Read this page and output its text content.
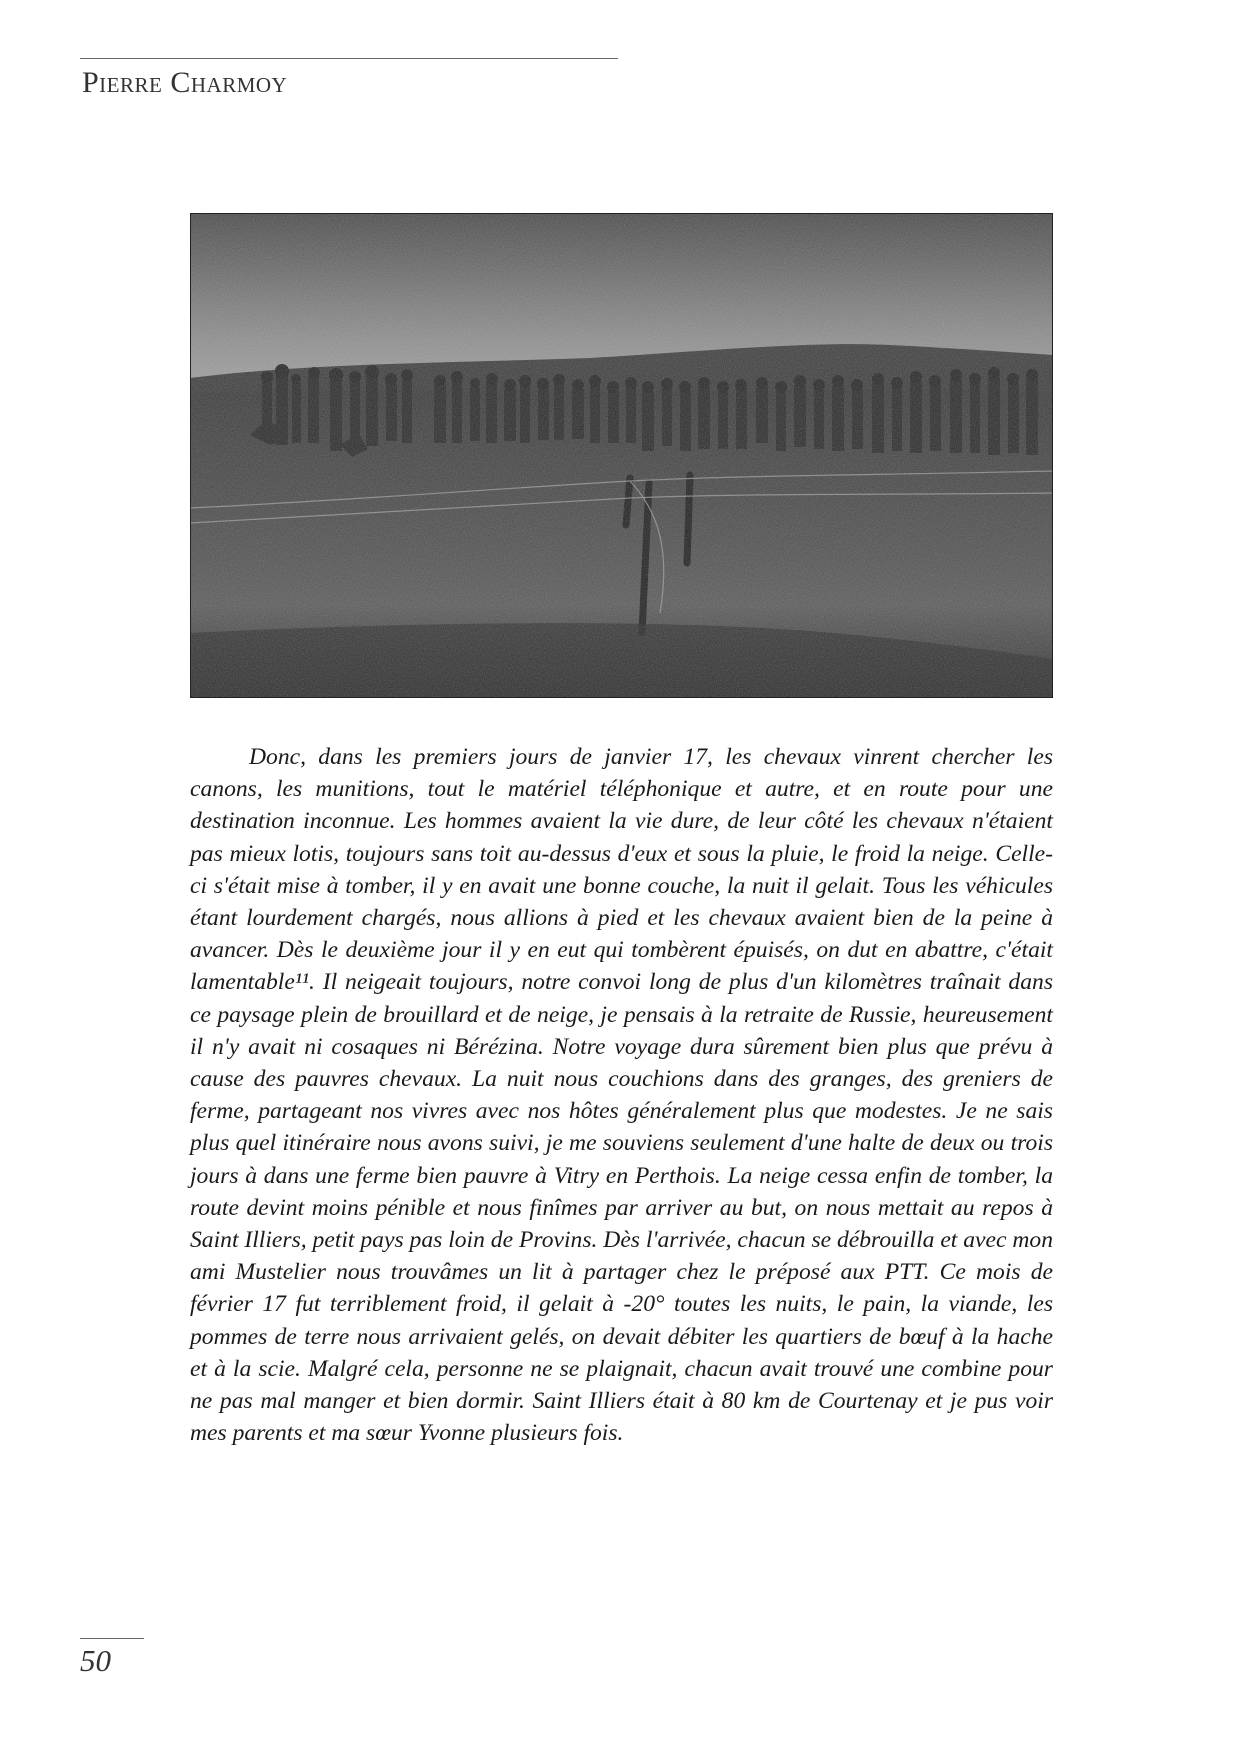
Pierre Charmoy

Donc, dans les premiers jours de janvier 17, les chevaux vinrent chercher les canons, les munitions, tout le matériel téléphonique et autre, et en route pour une destination inconnue. Les hommes avaient la vie dure, de leur côté les chevaux n'étaient pas mieux lotis, toujours sans toit au-dessus d'eux et sous la pluie, le froid la neige. Celle-ci s'était mise à tomber, il y en avait une bonne couche, la nuit il gelait. Tous les véhicules étant lourdement chargés, nous allions à pied et les chevaux avaient bien de la peine à avancer. Dès le deuxième jour il y en eut qui tombèrent épuisés, on dut en abattre, c'était lamentable¹¹. Il neigeait toujours, notre convoi long de plus d'un kilomètres traînait dans ce paysage plein de brouillard et de neige, je pensais à la retraite de Russie, heureusement il n'y avait ni cosaques ni Bérézina. Notre voyage dura sûrement bien plus que prévu à cause des pauvres chevaux. La nuit nous couchions dans des granges, des greniers de ferme, partageant nos vivres avec nos hôtes généralement plus que modestes. Je ne sais plus quel itinéraire nous avons suivi, je me souviens seulement d'une halte de deux ou trois jours à dans une ferme bien pauvre à Vitry en Perthois. La neige cessa enfin de tomber, la route devint moins pénible et nous finîmes par arriver au but, on nous mettait au repos à Saint Illiers, petit pays pas loin de Provins. Dès l'arrivée, chacun se débrouilla et avec mon ami Mustelier nous trouvâmes un lit à partager chez le préposé aux PTT. Ce mois de février 17 fut terriblement froid, il gelait à -20° toutes les nuits, le pain, la viande, les pommes de terre nous arrivaient gelés, on devait débiter les quartiers de bœuf à la hache et à la scie. Malgré cela, personne ne se plaignait, chacun avait trouvé une combine pour ne pas mal manger et bien dormir. Saint Illiers était à 80 km de Courtenay et je pus voir mes parents et ma sœur Yvonne plusieurs fois.

50
